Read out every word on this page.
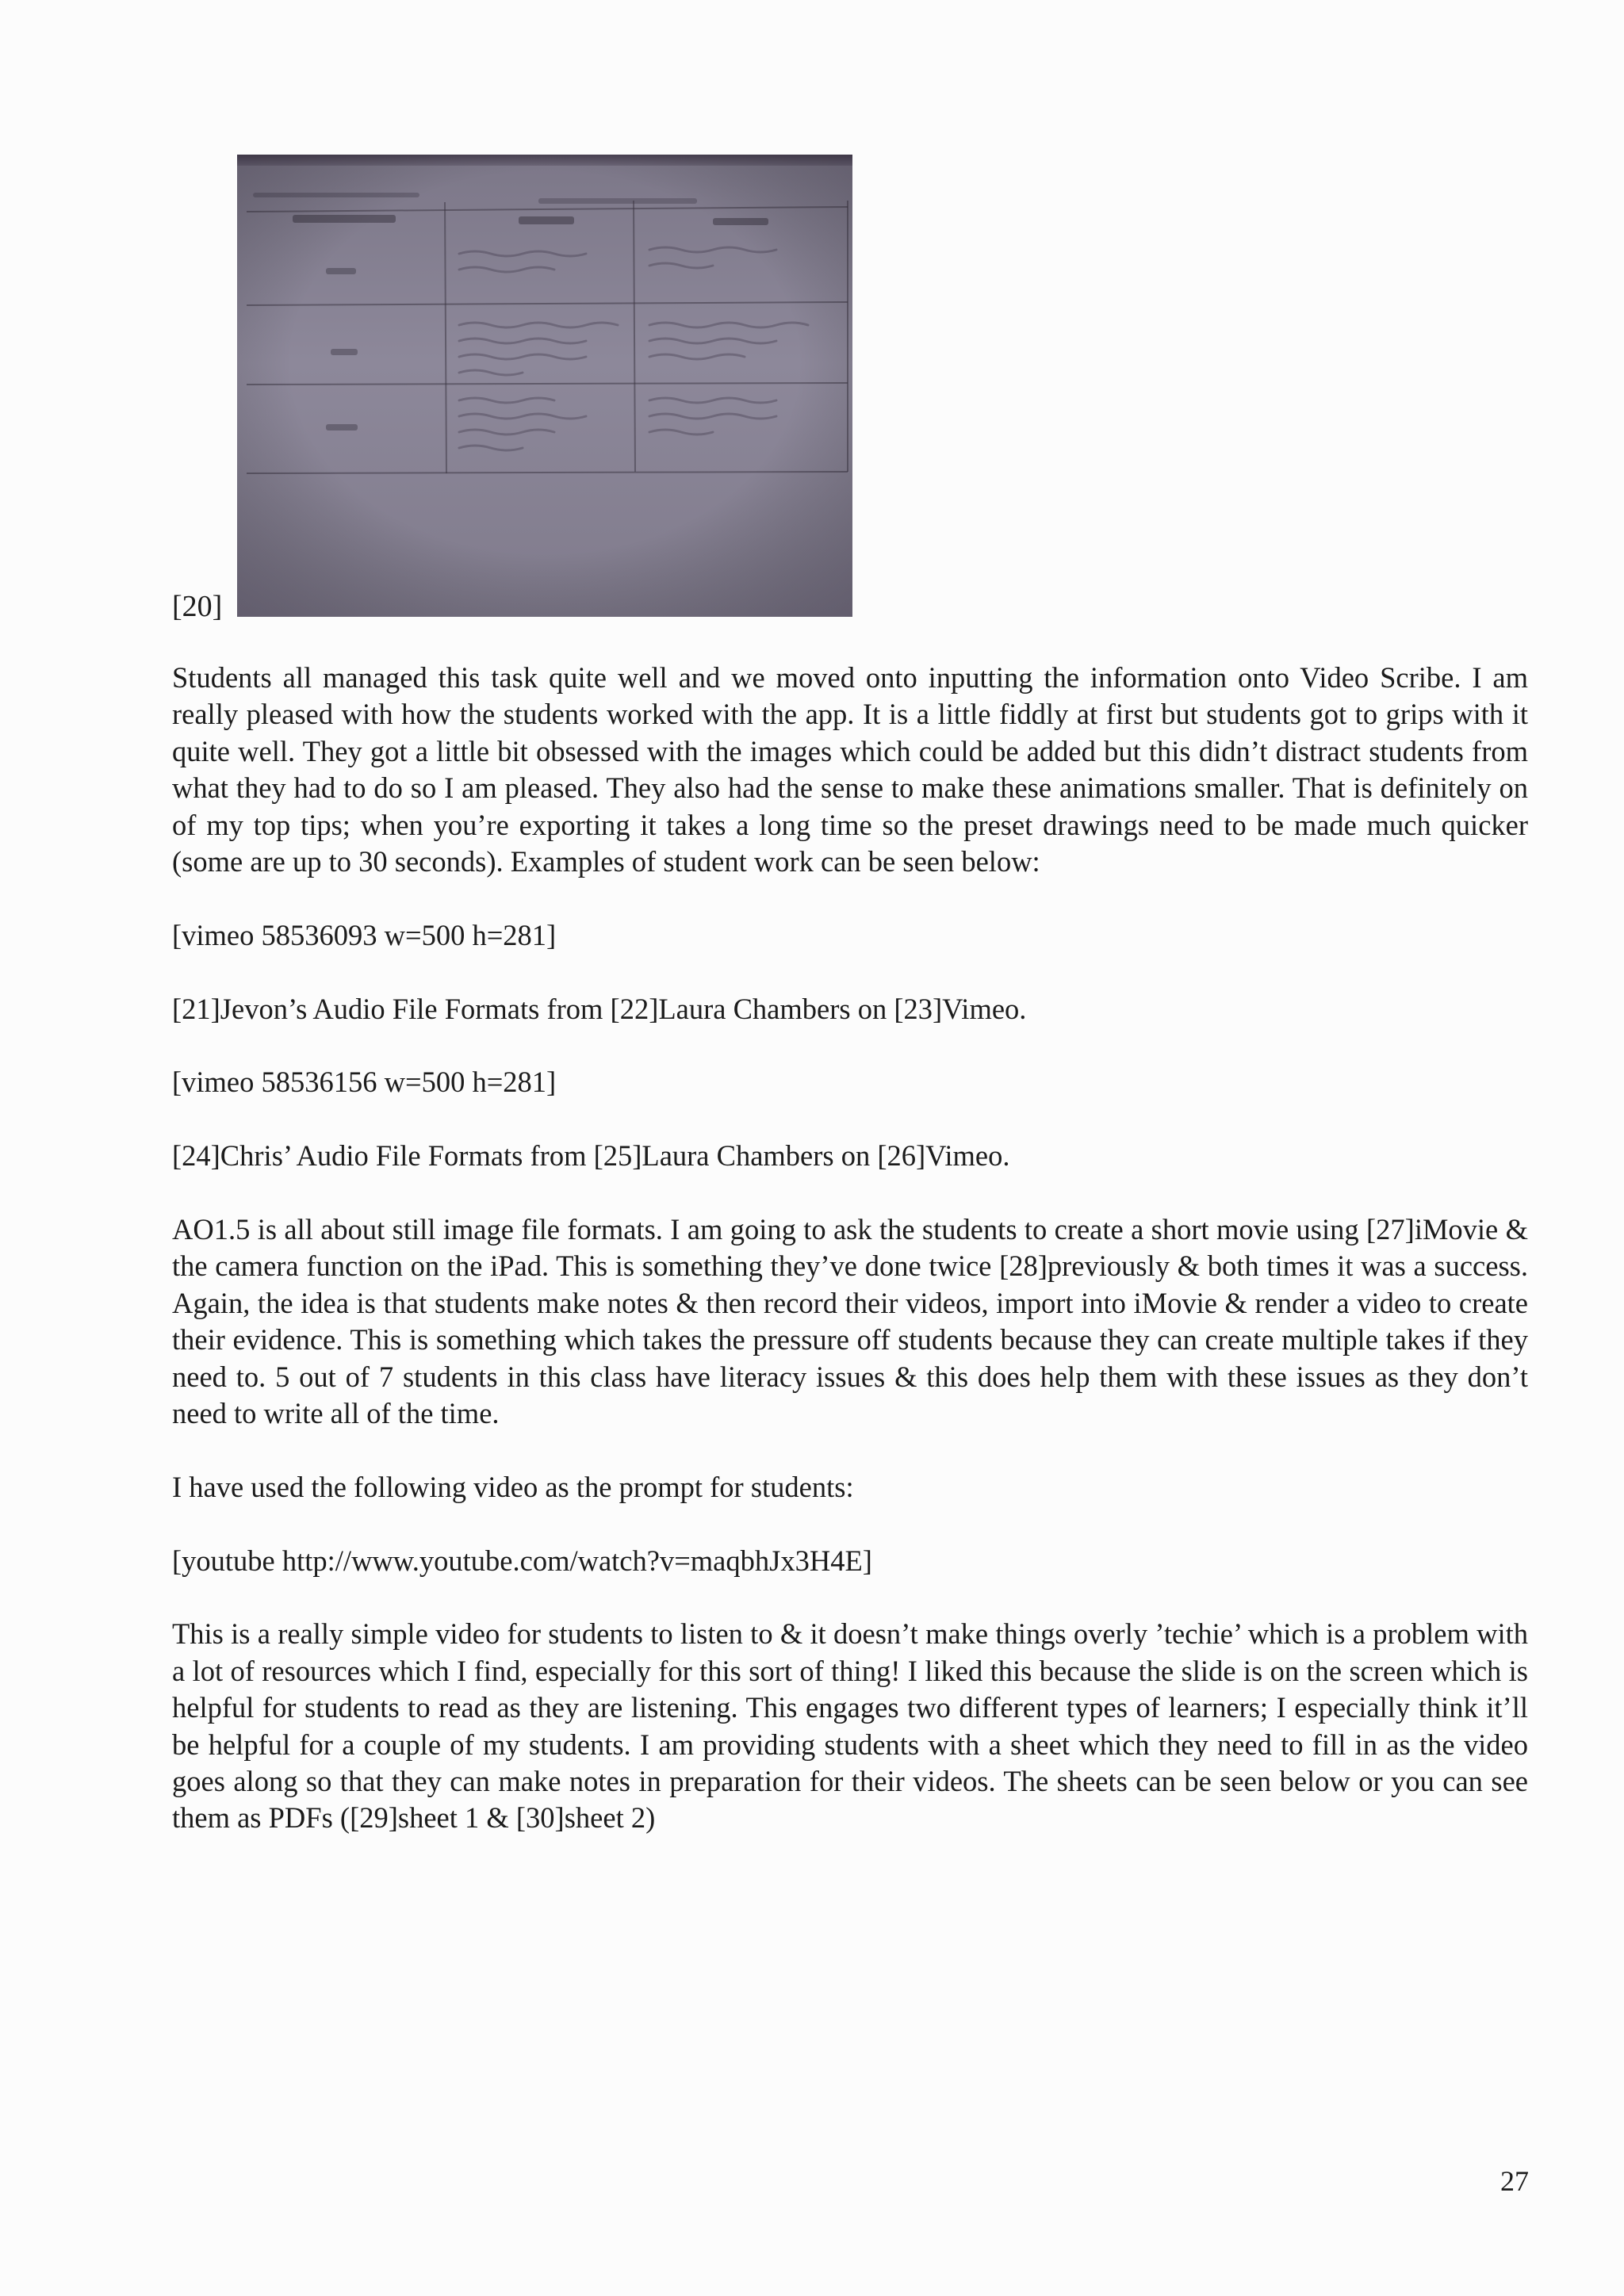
[20]

Students all managed this task quite well and we moved onto inputting the information onto Video Scribe. I am really pleased with how the students worked with the app. It is a little fiddly at first but students got to grips with it quite well. They got a little bit obsessed with the images which could be added but this didn’t distract students from what they had to do so I am pleased. They also had the sense to make these animations smaller. That is definitely on of my top tips; when you’re exporting it takes a long time so the preset drawings need to be made much quicker (some are up to 30 seconds). Examples of student work can be seen below:

[vimeo 58536093 w=500 h=281]

[21]Jevon’s Audio File Formats from [22]Laura Chambers on [23]Vimeo.

[vimeo 58536156 w=500 h=281]

[24]Chris’ Audio File Formats from [25]Laura Chambers on [26]Vimeo.

AO1.5 is all about still image file formats. I am going to ask the students to create a short movie using [27]iMovie & the camera function on the iPad. This is something they’ve done twice [28]previously & both times it was a success. Again, the idea is that students make notes & then record their videos, import into iMovie & render a video to create their evidence. This is something which takes the pressure off students because they can create multiple takes if they need to. 5 out of 7 students in this class have literacy issues & this does help them with these issues as they don’t need to write all of the time.

I have used the following video as the prompt for students:

[youtube http://www.youtube.com/watch?v=maqbhJx3H4E]

This is a really simple video for students to listen to & it doesn’t make things overly ’techie’ which is a problem with a lot of resources which I find, especially for this sort of thing! I liked this because the slide is on the screen which is helpful for students to read as they are listening. This engages two different types of learners; I especially think it’ll be helpful for a couple of my students. I am providing students with a sheet which they need to fill in as the video goes along so that they can make notes in preparation for their videos. The sheets can be seen below or you can see them as PDFs ([29]sheet 1 & [30]sheet 2)

27
